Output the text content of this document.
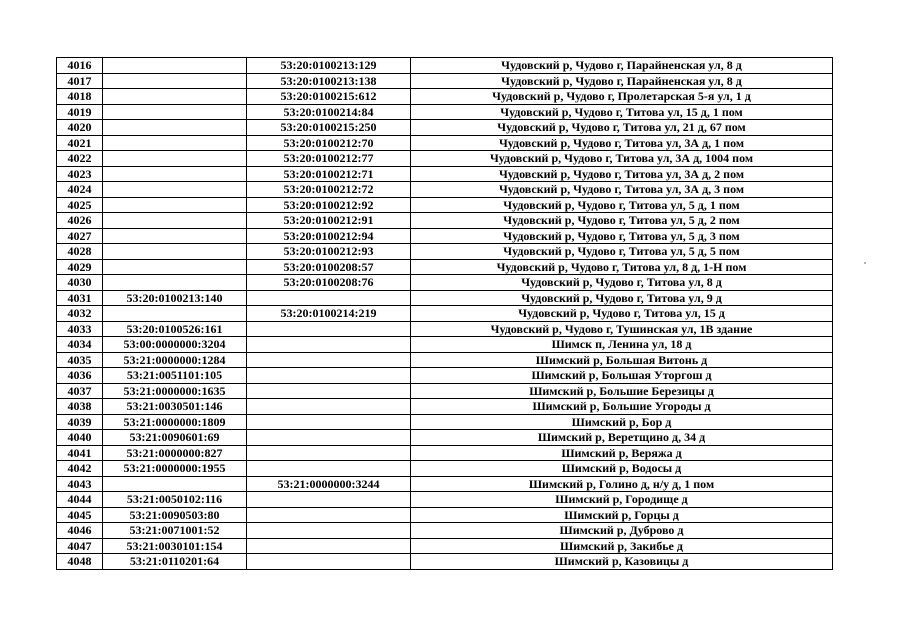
4016		53:20:0100213:129	Чудовский р, Чудово г, Парайненская ул, 8 д
4017		53:20:0100213:138	Чудовский р, Чудово г, Парайненская ул, 8 д
4018		53:20:0100215:612	Чудовский р, Чудово г, Пролетарская 5-я ул, 1 д
4019		53:20:0100214:84	Чудовский р, Чудово г, Титова ул, 15 д, 1 пом
4020		53:20:0100215:250	Чудовский р, Чудово г, Титова ул, 21 д, 67 пом
4021		53:20:0100212:70	Чудовский р, Чудово г, Титова ул, 3А д, 1 пом
4022		53:20:0100212:77	Чудовский р, Чудово г, Титова ул, 3А д, 1004 пом
4023		53:20:0100212:71	Чудовский р, Чудово г, Титова ул, 3А д, 2 пом
4024		53:20:0100212:72	Чудовский р, Чудово г, Титова ул, 3А д, 3 пом
4025		53:20:0100212:92	Чудовский р, Чудово г, Титова ул, 5 д, 1 пом
4026		53:20:0100212:91	Чудовский р, Чудово г, Титова ул, 5 д, 2 пом
4027		53:20:0100212:94	Чудовский р, Чудово г, Титова ул, 5 д, 3 пом
4028		53:20:0100212:93	Чудовский р, Чудово г, Титова ул, 5 д, 5 пом
4029		53:20:0100208:57	Чудовский р, Чудово г, Титова ул, 8 д, 1-Н пом
4030		53:20:0100208:76	Чудовский р, Чудово г, Титова ул, 8 д
4031	53:20:0100213:140		Чудовский р, Чудово г, Титова ул, 9 д
4032		53:20:0100214:219	Чудовский р, Чудово г, Титова ул, 15 д
4033	53:20:0100526:161		Чудовский р, Чудово г, Тушинская ул, 1В здание
4034	53:00:0000000:3204		Шимск п, Ленина ул, 18 д
4035	53:21:0000000:1284		Шимский р, Большая Витонь д
4036	53:21:0051101:105		Шимский р, Большая Уторгош д
4037	53:21:0000000:1635		Шимский р, Большие Березицы д
4038	53:21:0030501:146		Шимский р, Большие Угороды д
4039	53:21:0000000:1809		Шимский р, Бор д
4040	53:21:0090601:69		Шимский р, Веретщино д, 34 д
4041	53:21:0000000:827		Шимский р, Веряжа д
4042	53:21:0000000:1955		Шимский р, Водосы д
4043		53:21:0000000:3244	Шимский р, Голино д, н/у д, 1 пом
4044	53:21:0050102:116		Шимский р, Городище д
4045	53:21:0090503:80		Шимский р, Горцы д
4046	53:21:0071001:52		Шимский р, Дуброво д
4047	53:21:0030101:154		Шимский р, Закибье д
4048	53:21:0110201:64		Шимский р, Казовицы д
